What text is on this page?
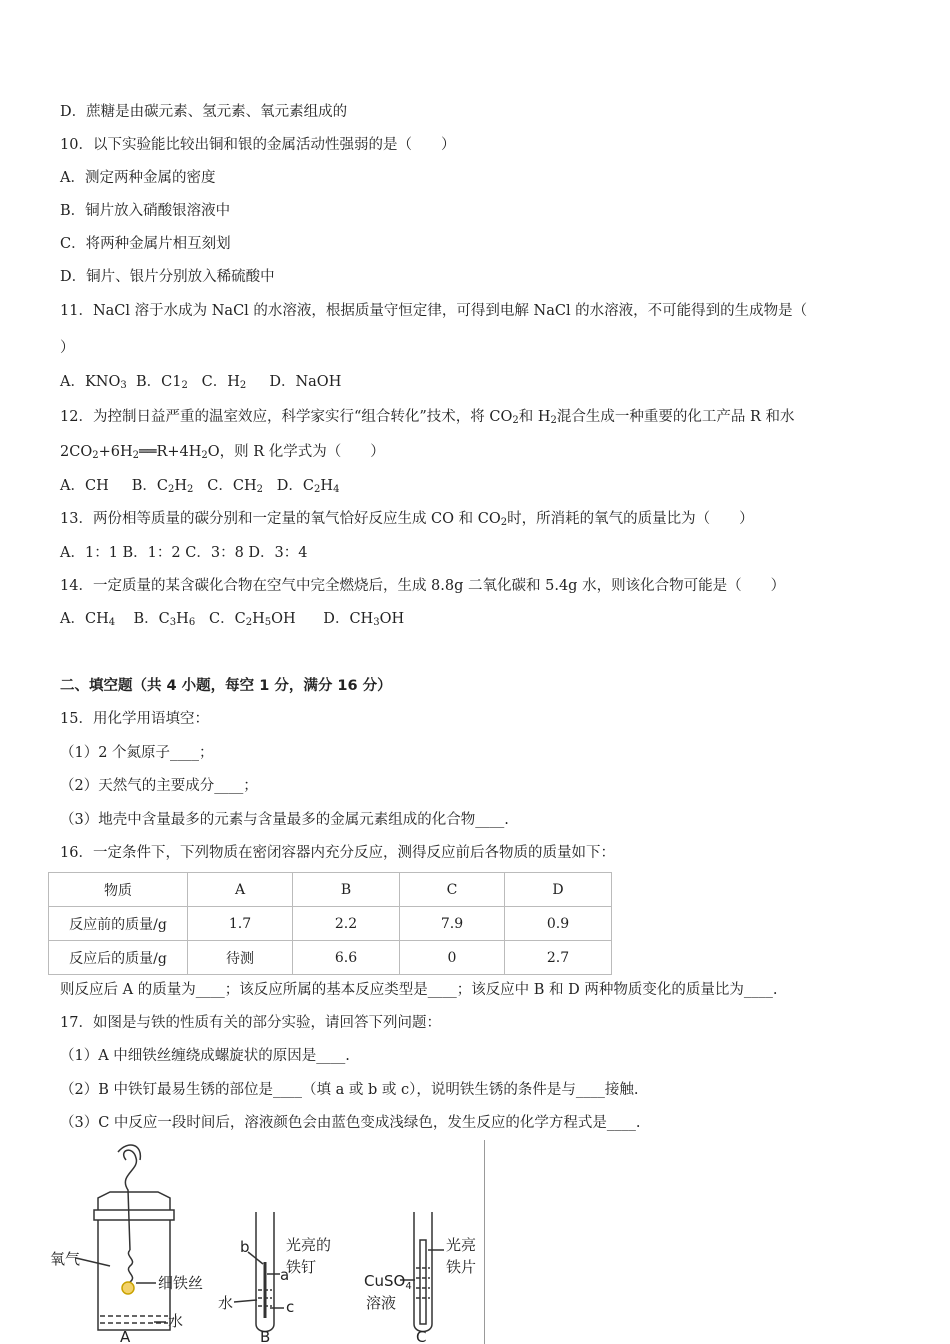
D．蔗糖是由碳元素、氢元素、氧元素组成的
10．以下实验能比较出铜和银的金属活动性强弱的是（　　）
A．测定两种金属的密度
B．铜片放入硝酸银溶液中
C．将两种金属片相互刻划
D．铜片、银片分别放入稀硫酸中
11．NaCl 溶于水成为 NaCl 的水溶液，根据质量守恒定律，可得到电解 NaCl 的水溶液，不可能得到的生成物是（
）
A．$KNO_3$  B．$C1_2$   C．$H_2$     D．NaOH
12．为控制日益严重的温室效应，科学家实行“组合转化”技术，将 $CO_2$和 $H_2$混合生成一种重要的化工产品 R 和水
$2CO_2+6H_2══R+4H_2O$，则 R 化学式为（　　）
A．CH     B．$C_2H_2$   C．$CH_2$   D．$C_2H_4$
13．两份相等质量的碳分别和一定量的氧气恰好反应生成 CO 和 $CO_2$时，所消耗的氧气的质量比为（　　）
A．1：1 B．1：2 C．3：8 D．3：4
14．一定质量的某含碳化合物在空气中完全燃烧后，生成 8.8g 二氧化碳和 5.4g 水，则该化合物可能是（　　）
A．$CH_4$    B．$C_3H_6$   C．$C_2H_5OH$      D．$CH_3OH$
二、填空题（共 4 小题，每空 1 分，满分 16 分）
15．用化学用语填空：
（1）2 个氮原子____；
（2）天然气的主要成分____；
（3）地壳中含量最多的元素与含量最多的金属元素组成的化合物____.
16．一定条件下，下列物质在密闭容器内充分反应，测得反应前后各物质的质量如下：
物质	A	B	C	D
反应前的质量/g	1.7	2.2	7.9	0.9
反应后的质量/g	待测	6.6	0	2.7
则反应后 A 的质量为____；该反应所属的基本反应类型是____；该反应中 B 和 D 两种物质变化的质量比为____.
17．如图是与铁的性质有关的部分实验，请回答下列问题：
（1）A 中细铁丝缠绕成螺旋状的原因是____.
（2）B 中铁钉最易生锈的部位是____（填 a 或 b 或 c），说明铁生锈的条件是与____接触.
（3）C 中反应一段时间后，溶液颜色会由蓝色变成浅绿色，发生反应的化学方程式是____.
氧气
细铁丝
水
A
光亮的
铁钉
b
a
水	c
B
光亮
铁片
CuSO$_4$
溶液
C
